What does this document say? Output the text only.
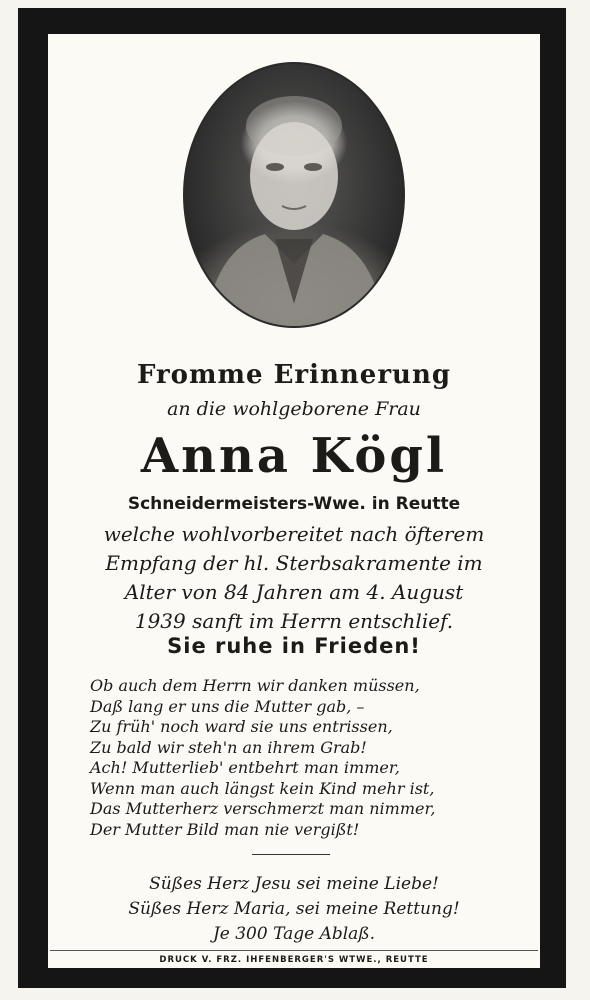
Fromme Erinnerung
an die wohlgeborene Frau
Anna Kögl
Schneidermeisters-Wwe. in Reutte
welche wohlvorbereitet nach öfterem
Empfang der hl. Sterbsakramente im
Alter von 84 Jahren am 4. August
1939 sanft im Herrn entschlief.
Sie ruhe in Frieden!
Ob auch dem Herrn wir danken müssen,
Daß lang er uns die Mutter gab, –
Zu früh' noch ward sie uns entrissen,
Zu bald wir steh'n an ihrem Grab!
Ach! Mutterlieb' entbehrt man immer,
Wenn man auch längst kein Kind mehr ist,
Das Mutterherz verschmerzt man nimmer,
Der Mutter Bild man nie vergißt!
Süßes Herz Jesu sei meine Liebe!
Süßes Herz Maria, sei meine Rettung!
Je 300 Tage Ablaß.
DRUCK V. FRZ. IHFENBERGER'S WTWE., REUTTE
